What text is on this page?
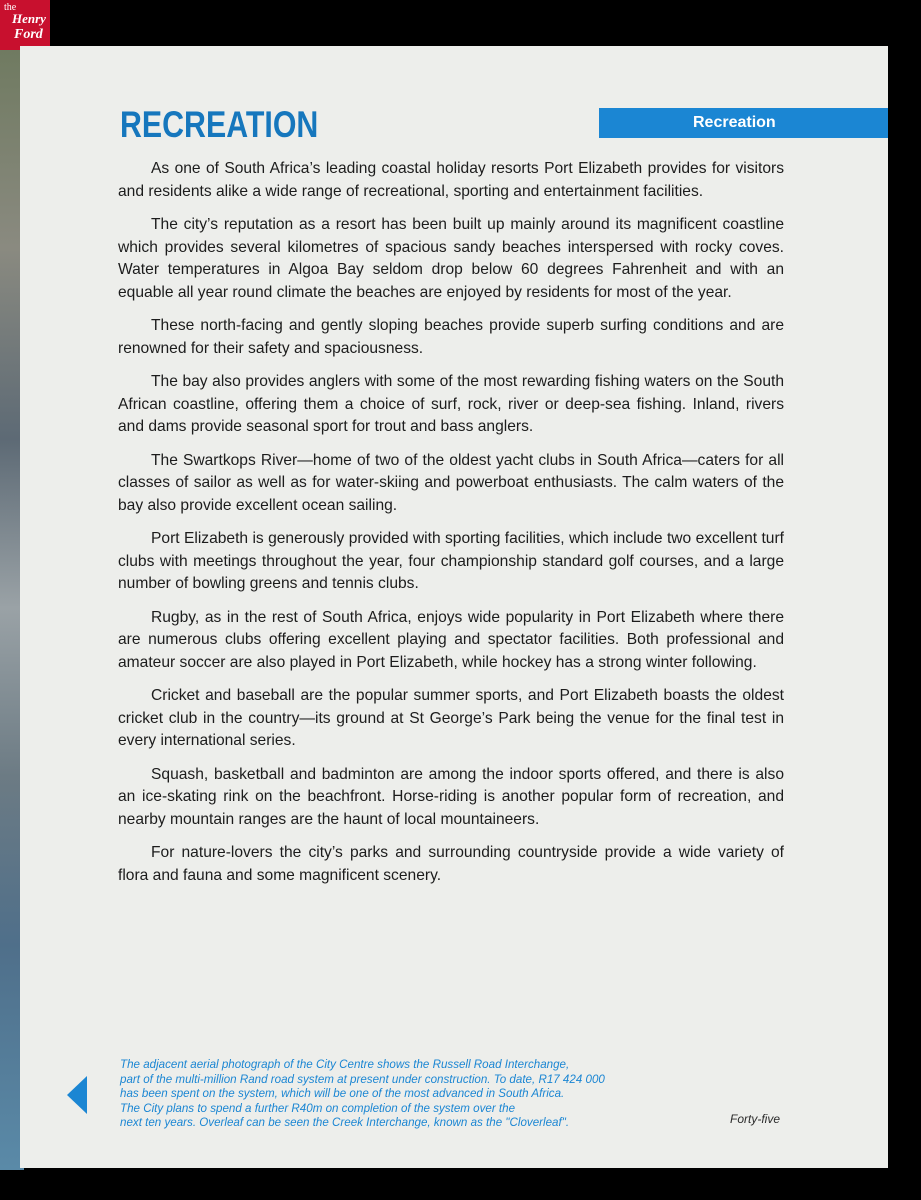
the
Henry
Ford
RECREATION	Recreation

As one of South Africa’s leading coastal holiday resorts Port Elizabeth provides for visitors and residents alike a wide range of recreational, sporting and entertainment facilities.

The city’s reputation as a resort has been built up mainly around its magnificent coastline which provides several kilometres of spacious sandy beaches interspersed with rocky coves. Water temperatures in Algoa Bay seldom drop below 60 degrees Fahrenheit and with an equable all year round climate the beaches are enjoyed by residents for most of the year.

These north-facing and gently sloping beaches provide superb surfing conditions and are renowned for their safety and spaciousness.

The bay also provides anglers with some of the most rewarding fishing waters on the South African coastline, offering them a choice of surf, rock, river or deep-sea fishing. Inland, rivers and dams provide seasonal sport for trout and bass anglers.

The Swartkops River—home of two of the oldest yacht clubs in South Africa—caters for all classes of sailor as well as for water-skiing and powerboat enthusiasts. The calm waters of the bay also provide excellent ocean sailing.

Port Elizabeth is generously provided with sporting facilities, which include two excellent turf clubs with meetings throughout the year, four championship standard golf courses, and a large number of bowling greens and tennis clubs.

Rugby, as in the rest of South Africa, enjoys wide popularity in Port Elizabeth where there are numerous clubs offering excellent playing and spectator facilities. Both professional and amateur soccer are also played in Port Elizabeth, while hockey has a strong winter following.

Cricket and baseball are the popular summer sports, and Port Elizabeth boasts the oldest cricket club in the country—its ground at St George’s Park being the venue for the final test in every international series.

Squash, basketball and badminton are among the indoor sports offered, and there is also an ice-skating rink on the beachfront. Horse-riding is another popular form of recreation, and nearby mountain ranges are the haunt of local mountaineers.

For nature-lovers the city’s parks and surrounding countryside provide a wide variety of flora and fauna and some magnificent scenery.

The adjacent aerial photograph of the City Centre shows the Russell Road Interchange,
part of the multi-million Rand road system at present under construction. To date, R17 424 000
has been spent on the system, which will be one of the most advanced in South Africa.
The City plans to spend a further R40m on completion of the system over the
next ten years. Overleaf can be seen the Creek Interchange, known as the "Cloverleaf".	Forty-five
